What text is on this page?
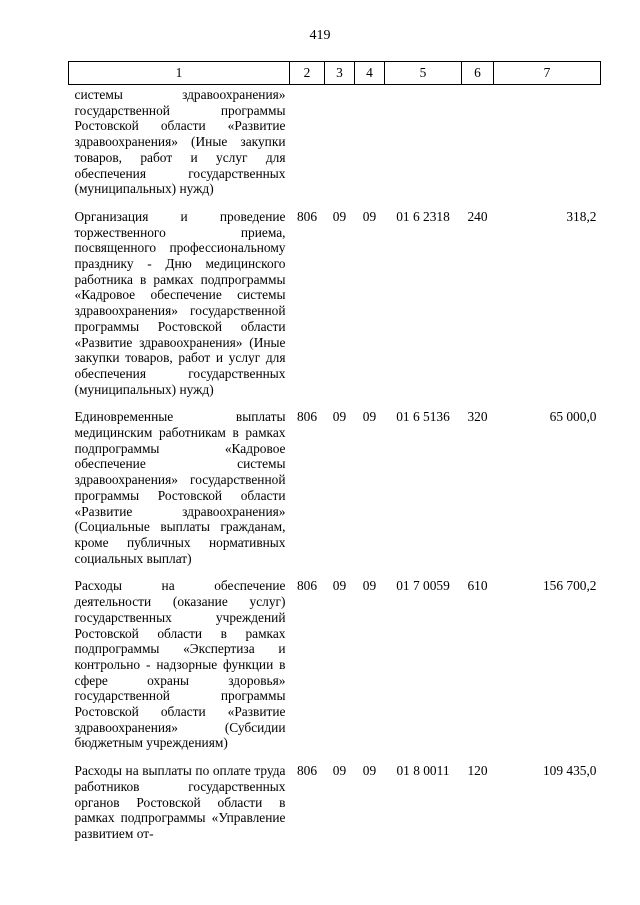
419
1	2	3	4	5	6	7
системы здравоохранения» государственной программы Ростовской области «Развитие здравоохранения» (Иные закупки товаров, работ и услуг для обеспечения государственных (муниципальных) нужд)						
Организация и проведение торжественного приема, посвященного профессиональному празднику - Дню медицинского работника в рамках подпрограммы «Кадровое обеспечение системы здравоохранения» государственной программы Ростовской области «Развитие здравоохранения» (Иные закупки товаров, работ и услуг для обеспечения государственных (муниципальных) нужд)	806	09	09	01 6 2318	240	318,2
Единовременные выплаты медицинским работникам в рамках подпрограммы «Кадровое обеспечение системы здравоохранения» государственной программы Ростовской области «Развитие здравоохранения» (Социальные выплаты гражданам, кроме публичных нормативных социальных выплат)	806	09	09	01 6 5136	320	65 000,0
Расходы на обеспечение деятельности (оказание услуг) государственных учреждений Ростовской области в рамках подпрограммы «Экспертиза и контрольно - надзорные функции в сфере охраны здоровья» государственной программы Ростовской области «Развитие здравоохранения» (Субсидии бюджетным учреждениям)	806	09	09	01 7 0059	610	156 700,2
Расходы на выплаты по оплате труда работников государственных органов Ростовской области в рамках подпрограммы «Управление развитием от-	806	09	09	01 8 0011	120	109 435,0
